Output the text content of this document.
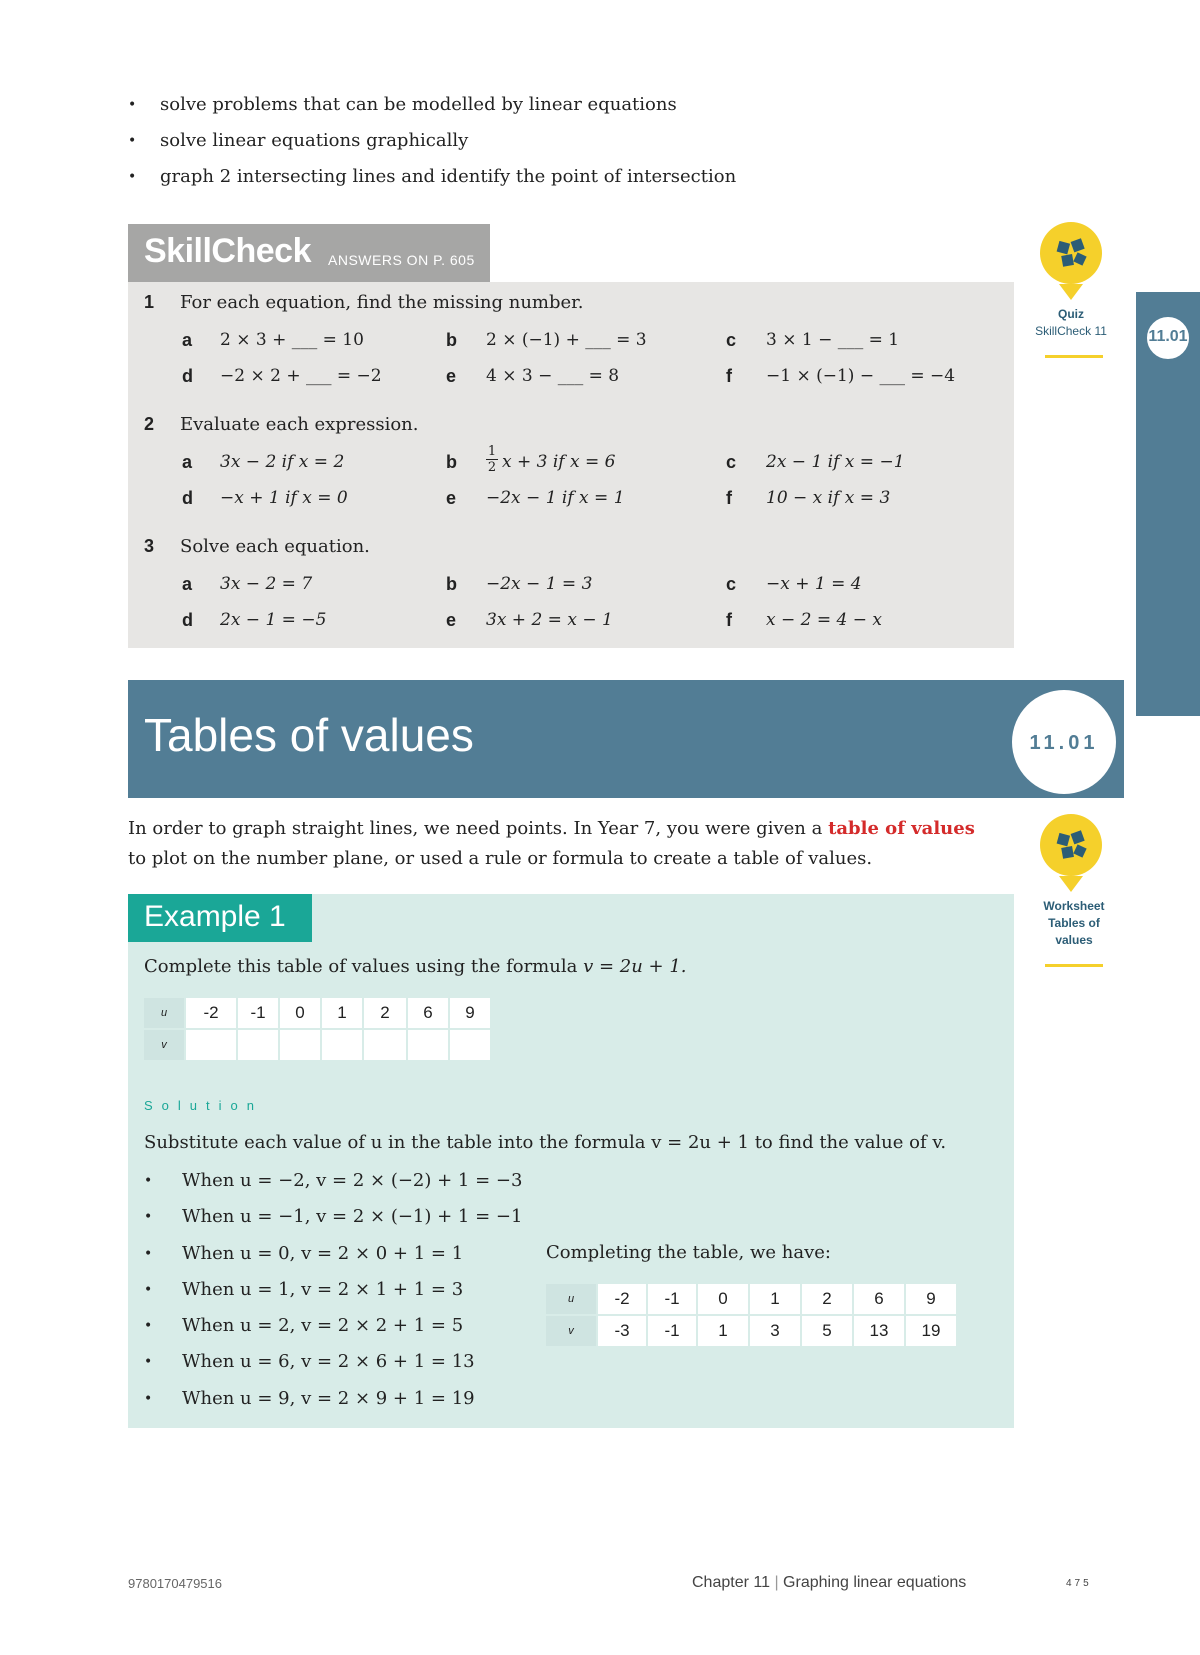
• solve problems that can be modelled by linear equations
• solve linear equations graphically
• graph 2 intersecting lines and identify the point of intersection
SkillCheck ANSWERS ON P. 605
1 For each equation, find the missing number.
a 2 × 3 + ___ = 10	b 2 × (−1) + ___ = 3	c 3 × 1 − ___ = 1
d −2 × 2 + ___ = −2	e 4 × 3 − ___ = 8	f −1 × (−1) − ___ = −4
2 Evaluate each expression.
a 3x − 2 if x = 2	b $\frac{1}{2}$ x + 3 if x = 6	c 2x − 1 if x = −1
d −x + 1 if x = 0	e −2x − 1 if x = 1	f 10 − x if x = 3
3 Solve each equation.
a 3x − 2 = 7	b −2x − 1 = 3	c −x + 1 = 4
d 2x − 1 = −5	e 3x + 2 = x − 1	f x − 2 = 4 − x
11.01
Quiz
SkillCheck 11
Tables of values	11.01
In order to graph straight lines, we need points. In Year 7, you were given a table of values to plot on the number plane, or used a rule or formula to create a table of values.
Worksheet
Tables of
values
Example 1
Complete this table of values using the formula v = 2u + 1.
u	-2	-1	0	1	2	6	9
v							
Solution
Substitute each value of u in the table into the formula v = 2u + 1 to find the value of v.
• When u = −2, v = 2 × (−2) + 1 = −3
• When u = −1, v = 2 × (−1) + 1 = −1
• When u = 0, v = 2 × 0 + 1 = 1
• When u = 1, v = 2 × 1 + 1 = 3
• When u = 2, v = 2 × 2 + 1 = 5
• When u = 6, v = 2 × 6 + 1 = 13
• When u = 9, v = 2 × 9 + 1 = 19
Completing the table, we have:
u	-2	-1	0	1	2	6	9
v	-3	-1	1	3	5	13	19
9780170479516	Chapter 11 | Graphing linear equations	475
